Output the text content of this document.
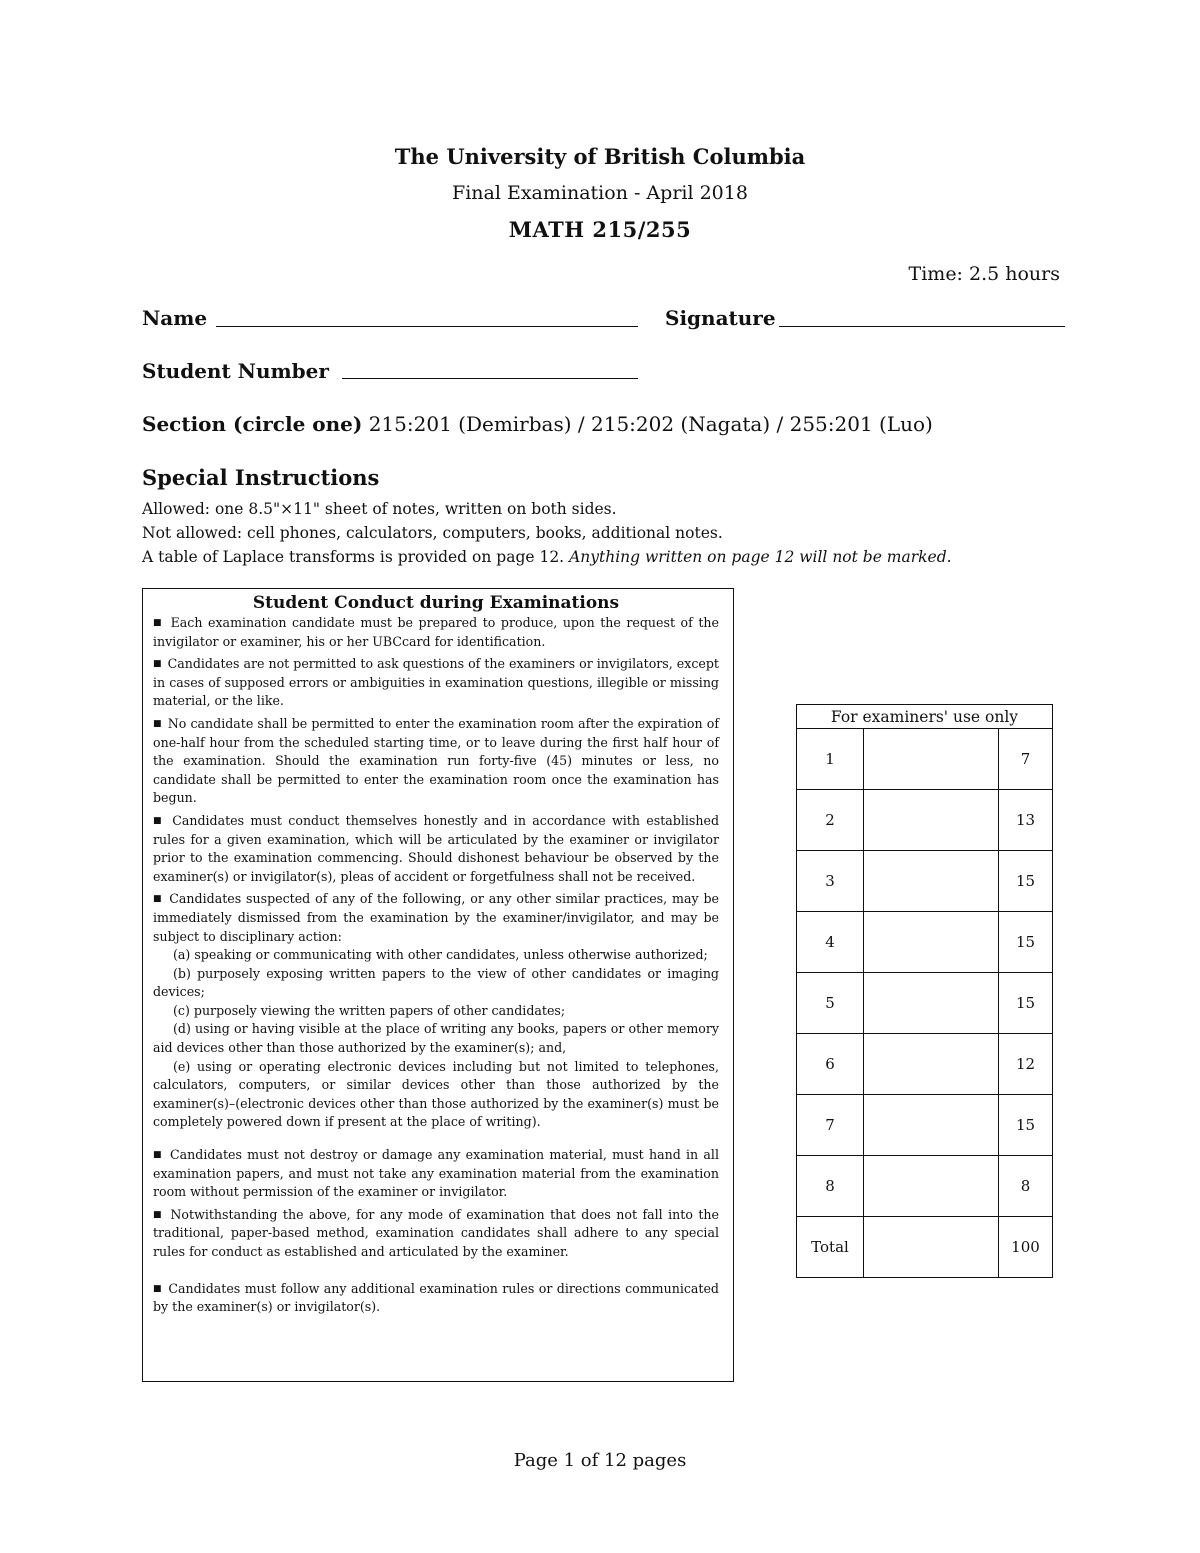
The University of British Columbia
Final Examination - April 2018
MATH 215/255
Time: 2.5 hours
Name	Signature
Student Number
Section (circle one) 215:201 (Demirbas) / 215:202 (Nagata) / 255:201 (Luo)
Special Instructions
Allowed: one 8.5"×11" sheet of notes, written on both sides.
Not allowed: cell phones, calculators, computers, books, additional notes.
A table of Laplace transforms is provided on page 12. Anything written on page 12 will not be marked.
Student Conduct during Examinations

■ Each examination candidate must be prepared to produce, upon the request of the invigilator or examiner, his or her UBCcard for identification.

■ Candidates are not permitted to ask questions of the examiners or invigilators, except in cases of supposed errors or ambiguities in examination questions, illegible or missing material, or the like.

■ No candidate shall be permitted to enter the examination room after the expiration of one-half hour from the scheduled starting time, or to leave during the first half hour of the examination. Should the examination run forty-five (45) minutes or less, no candidate shall be permitted to enter the examination room once the examination has begun.

■ Candidates must conduct themselves honestly and in accordance with established rules for a given examination, which will be articulated by the examiner or invigilator prior to the examination commencing. Should dishonest behaviour be observed by the examiner(s) or invigilator(s), pleas of accident or forgetfulness shall not be received.

■ Candidates suspected of any of the following, or any other similar practices, may be immediately dismissed from the examination by the examiner/invigilator, and may be subject to disciplinary action:

(a) speaking or communicating with other candidates, unless otherwise authorized;

(b) purposely exposing written papers to the view of other candidates or imaging devices;

(c) purposely viewing the written papers of other candidates;

(d) using or having visible at the place of writing any books, papers or other memory aid devices other than those authorized by the examiner(s); and,

(e) using or operating electronic devices including but not limited to telephones, calculators, computers, or similar devices other than those authorized by the examiner(s)–(electronic devices other than those authorized by the examiner(s) must be completely powered down if present at the place of writing).

■ Candidates must not destroy or damage any examination material, must hand in all examination papers, and must not take any examination material from the examination room without permission of the examiner or invigilator.

■ Notwithstanding the above, for any mode of examination that does not fall into the traditional, paper-based method, examination candidates shall adhere to any special rules for conduct as established and articulated by the examiner.

■ Candidates must follow any additional examination rules or directions communicated by the examiner(s) or invigilator(s).

For examiners' use only		
1		7
2		13
3		15
4		15
5		15
6		12
7		15
8		8
Total		100
Page 1 of 12 pages
